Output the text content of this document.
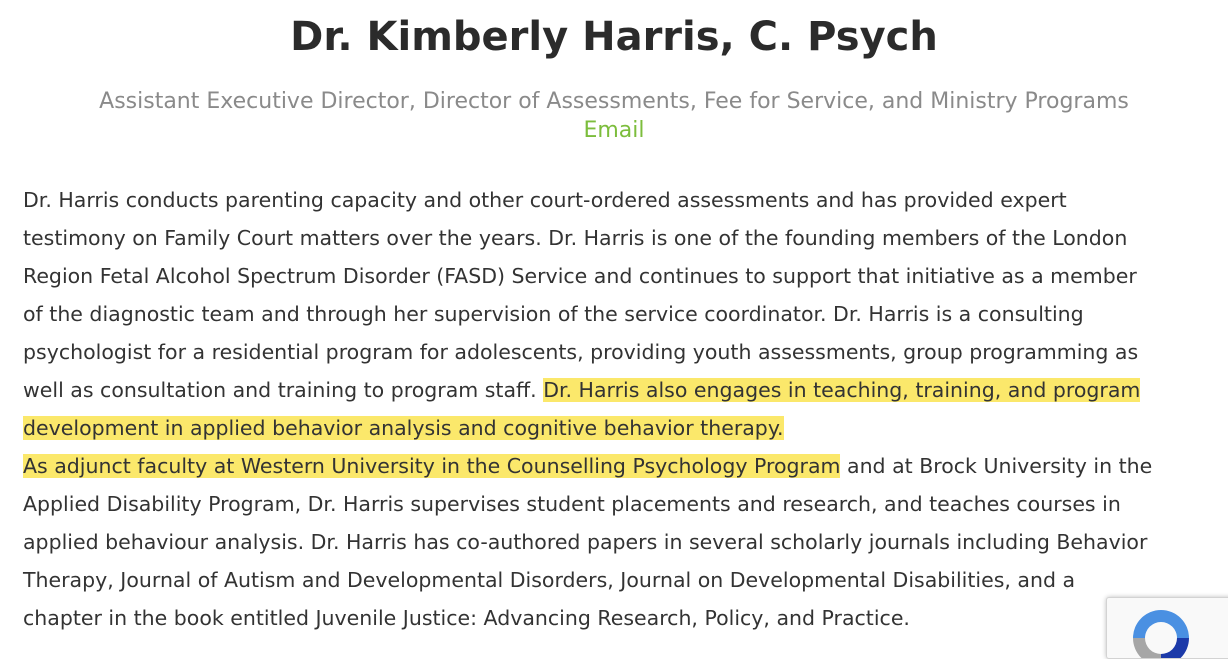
Dr. Kimberly Harris, C. Psych
Assistant Executive Director, Director of Assessments, Fee for Service, and Ministry Programs
Email

Dr. Harris conducts parenting capacity and other court-ordered assessments and has provided expert
testimony on Family Court matters over the years. Dr. Harris is one of the founding members of the London
Region Fetal Alcohol Spectrum Disorder (FASD) Service and continues to support that initiative as a member
of the diagnostic team and through her supervision of the service coordinator. Dr. Harris is a consulting
psychologist for a residential program for adolescents, providing youth assessments, group programming as
well as consultation and training to program staff. Dr. Harris also engages in teaching, training, and program
development in applied behavior analysis and cognitive behavior therapy.
As adjunct faculty at Western University in the Counselling Psychology Program and at Brock University in the
Applied Disability Program, Dr. Harris supervises student placements and research, and teaches courses in
applied behaviour analysis. Dr. Harris has co-authored papers in several scholarly journals including Behavior
Therapy, Journal of Autism and Developmental Disorders, Journal on Developmental Disabilities, and a
chapter in the book entitled Juvenile Justice: Advancing Research, Policy, and Practice.
